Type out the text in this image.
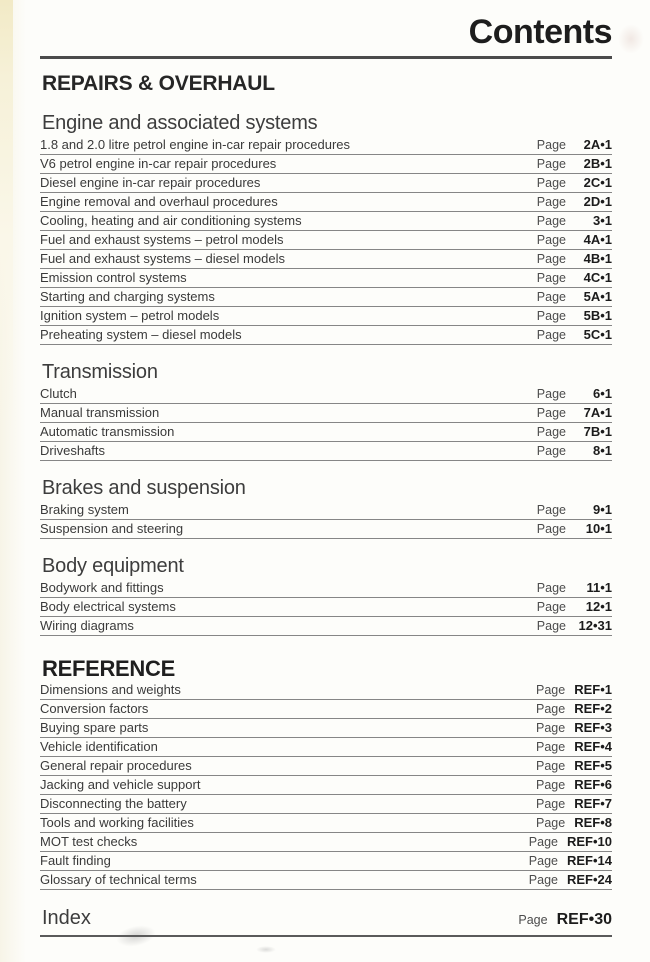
Contents
REPAIRS & OVERHAUL
Engine and associated systems
1.8 and 2.0 litre petrol engine in-car repair procedures	Page	2A•1
V6 petrol engine in-car repair procedures	Page	2B•1
Diesel engine in-car repair procedures	Page	2C•1
Engine removal and overhaul procedures	Page	2D•1
Cooling, heating and air conditioning systems	Page	3•1
Fuel and exhaust systems – petrol models	Page	4A•1
Fuel and exhaust systems – diesel models	Page	4B•1
Emission control systems	Page	4C•1
Starting and charging systems	Page	5A•1
Ignition system – petrol models	Page	5B•1
Preheating system – diesel models	Page	5C•1
Transmission
Clutch	Page	6•1
Manual transmission	Page	7A•1
Automatic transmission	Page	7B•1
Driveshafts	Page	8•1
Brakes and suspension
Braking system	Page	9•1
Suspension and steering	Page	10•1
Body equipment
Bodywork and fittings	Page	11•1
Body electrical systems	Page	12•1
Wiring diagrams	Page 12•31
REFERENCE
Dimensions and weights	Page REF•1
Conversion factors	Page REF•2
Buying spare parts	Page REF•3
Vehicle identification	Page REF•4
General repair procedures	Page REF•5
Jacking and vehicle support	Page REF•6
Disconnecting the battery	Page REF•7
Tools and working facilities	Page REF•8
MOT test checks	Page REF•10
Fault finding	Page REF•14
Glossary of technical terms	Page REF•24
Index	Page REF•30
